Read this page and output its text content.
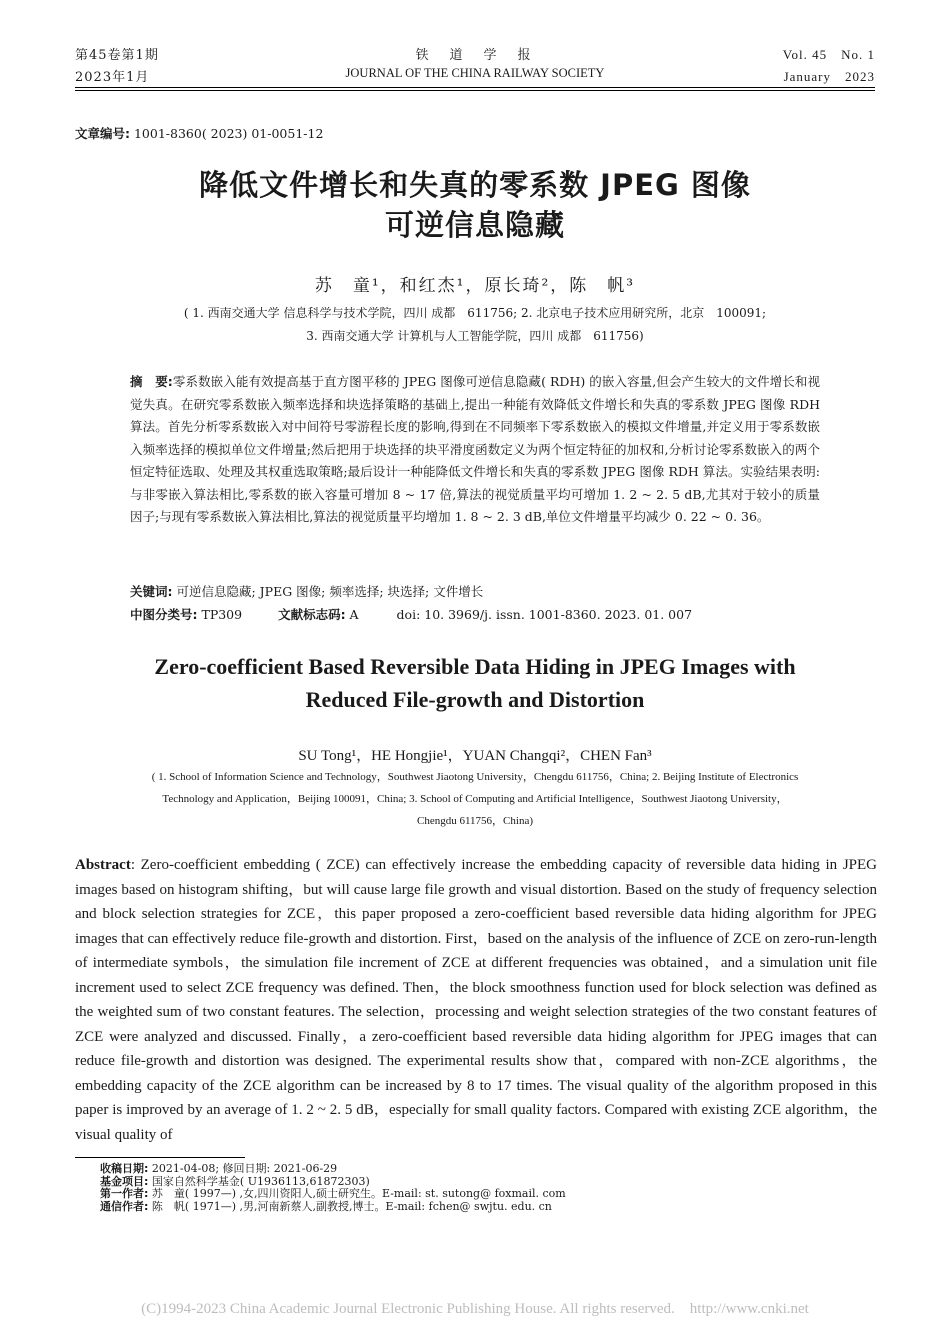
第45卷第1期
2023年1月
铁　道　学　报
JOURNAL OF THE CHINA RAILWAY SOCIETY
Vol. 45　No. 1
January　2023
文章编号: 1001-8360( 2023) 01-0051-12
降低文件增长和失真的零系数 JPEG 图像
可逆信息隐藏
苏　童¹，和红杰¹，原长琦²，陈　帆³
( 1. 西南交通大学 信息科学与技术学院，四川 成都　611756; 2. 北京电子技术应用研究所，北京　100091;
3. 西南交通大学 计算机与人工智能学院，四川 成都　611756)
摘　要:零系数嵌入能有效提高基于直方图平移的 JPEG 图像可逆信息隐藏( RDH) 的嵌入容量,但会产生较大的文件增长和视觉失真。在研究零系数嵌入频率选择和块选择策略的基础上,提出一种能有效降低文件增长和失真的零系数 JPEG 图像 RDH 算法。首先分析零系数嵌入对中间符号零游程长度的影响,得到在不同频率下零系数嵌入的模拟文件增量,并定义用于零系数嵌入频率选择的模拟单位文件增量;然后把用于块选择的块平滑度函数定义为两个恒定特征的加权和,分析讨论零系数嵌入的两个恒定特征选取、处理及其权重选取策略;最后设计一种能降低文件增长和失真的零系数 JPEG 图像 RDH 算法。实验结果表明:与非零嵌入算法相比,零系数的嵌入容量可增加 8 ~ 17 倍,算法的视觉质量平均可增加 1. 2 ~ 2. 5 dB,尤其对于较小的质量因子;与现有零系数嵌入算法相比,算法的视觉质量平均增加 1. 8 ~ 2. 3 dB,单位文件增量平均减少 0. 22 ~ 0. 36。
关键词: 可逆信息隐藏; JPEG 图像; 频率选择; 块选择; 文件增长
中图分类号: TP309	文献标志码: A	doi: 10. 3969/j. issn. 1001-8360. 2023. 01. 007
Zero-coefficient Based Reversible Data Hiding in JPEG Images with
Reduced File-growth and Distortion
SU Tong¹，HE Hongjie¹，YUAN Changqi²，CHEN Fan³
( 1. School of Information Science and Technology，Southwest Jiaotong University，Chengdu 611756，China; 2. Beijing Institute of Electronics
Technology and Application，Beijing 100091，China; 3. School of Computing and Artificial Intelligence，Southwest Jiaotong University，
Chengdu 611756，China)
Abstract: Zero-coefficient embedding ( ZCE) can effectively increase the embedding capacity of reversible data hiding in JPEG images based on histogram shifting，but will cause large file growth and visual distortion. Based on the study of frequency selection and block selection strategies for ZCE，this paper proposed a zero-coefficient based reversible data hiding algorithm for JPEG images that can effectively reduce file-growth and distortion. First，based on the analysis of the influence of ZCE on zero-run-length of intermediate symbols，the simulation file increment of ZCE at different frequencies was obtained，and a simulation unit file increment used to select ZCE frequency was defined. Then，the block smoothness function used for block selection was defined as the weighted sum of two constant features. The selection，processing and weight selection strategies of the two constant features of ZCE were analyzed and discussed. Finally，a zero-coefficient based reversible data hiding algorithm for JPEG images that can reduce file-growth and distortion was designed. The experimental results show that，compared with non-ZCE algorithms，the embedding capacity of the ZCE algorithm can be increased by 8 to 17 times. The visual quality of the algorithm proposed in this paper is improved by an average of 1. 2 ~ 2. 5 dB，especially for small quality factors. Compared with existing ZCE algorithm，the visual quality of
收稿日期: 2021-04-08; 修回日期: 2021-06-29
基金项目: 国家自然科学基金( U1936113,61872303)
第一作者: 苏　童( 1997—) ,女,四川资阳人,硕士研究生。E-mail: st. sutong@ foxmail. com
通信作者: 陈　帆( 1971—) ,男,河南新蔡人,副教授,博士。E-mail: fchen@ swjtu. edu. cn
(C)1994-2023 China Academic Journal Electronic Publishing House. All rights reserved.　http://www.cnki.net
